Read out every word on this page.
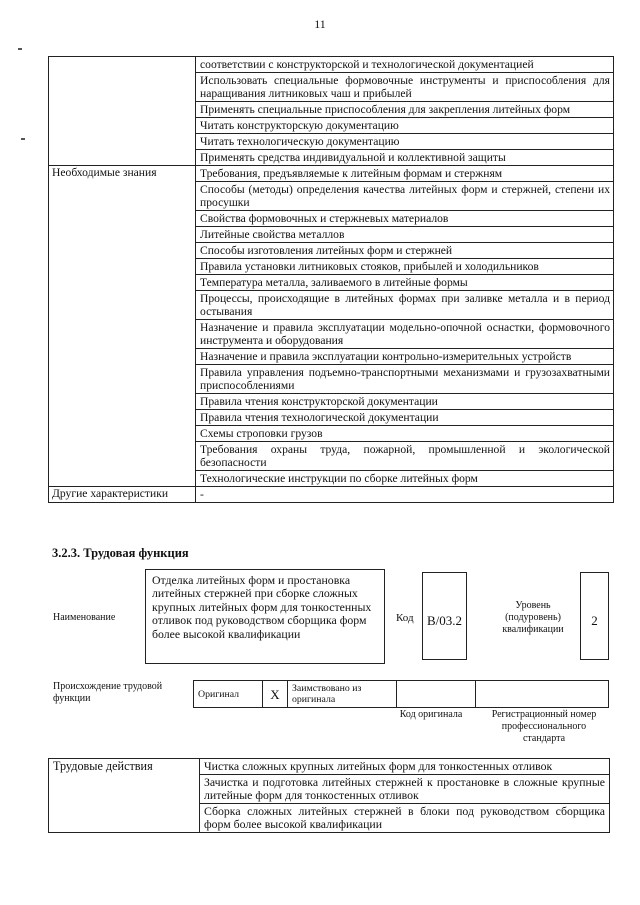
11
	соответствии с конструкторской и технологической документацией
	Использовать специальные формовочные инструменты и приспособления для наращивания литниковых чаш и прибылей
	Применять специальные приспособления для закрепления литейных форм
	Читать конструкторскую документацию
	Читать технологическую документацию
	Применять средства индивидуальной и коллективной защиты
Необходимые знания	Требования, предъявляемые к литейным формам и стержням
	Способы (методы) определения качества литейных форм и стержней, степени их просушки
	Свойства формовочных и стержневых материалов
	Литейные свойства металлов
	Способы изготовления литейных форм и стержней
	Правила установки литниковых стояков, прибылей и холодильников
	Температура металла, заливаемого в литейные формы
	Процессы, происходящие в литейных формах при заливке металла и в период остывания
	Назначение и правила эксплуатации модельно-опочной оснастки, формовочного инструмента и оборудования
	Назначение и правила эксплуатации контрольно-измерительных устройств
	Правила управления подъемно-транспортными механизмами и грузозахватными приспособлениями
	Правила чтения конструкторской документации
	Правила чтения технологической документации
	Схемы строповки грузов
	Требования охраны труда, пожарной, промышленной и экологической безопасности
	Технологические инструкции по сборке литейных форм
Другие характеристики	-
3.2.3. Трудовая функция
Наименование
Отделка литейных форм и простановка литейных стержней при сборке сложных крупных литейных форм для тонкостенных отливок под руководством сборщика форм более высокой квалификации
Код	B/03.2
Уровень (подуровень) квалификации
2
Происхождение трудовой функции	Оригинал	X	Заимствовано из оригинала		
Код оригинала	Регистрационный номер профессионального стандарта
Трудовые действия	Чистка сложных крупных литейных форм для тонкостенных отливок
Зачистка и подготовка литейных стержней к простановке в сложные крупные литейные форм для тонкостенных отливок
Сборка сложных литейных стержней в блоки под руководством сборщика форм более высокой квалификации
